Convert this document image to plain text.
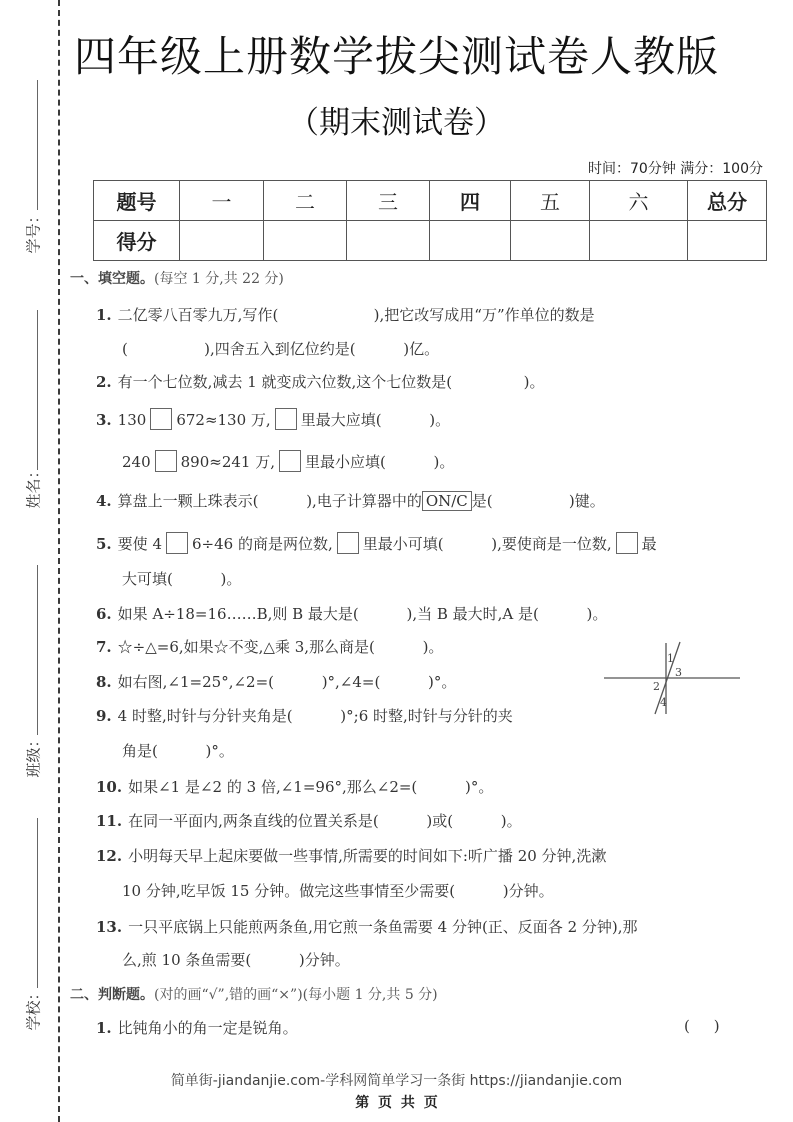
学号：
姓名：
班级：
学校：
四年级上册数学拔尖测试卷人教版
（期末测试卷）
时间：70分钟 满分：100分
题号	一	二	三	四	五	六	总分
得分							
一、填空题。(每空 1 分,共 22 分)
1. 二亿零八百零九万,写作(                    ),把它改写成用“万”作单位的数是
(                ),四舍五入到亿位约是(          )亿。
2. 有一个七位数,减去 1 就变成六位数,这个七位数是(               )。
3. 130 672≈130 万, 里最大应填(          )。
240 890≈241 万, 里最小应填(          )。
4. 算盘上一颗上珠表示(          ),电子计算器中的 ON/C 是(                )键。
5. 要使 4 6÷46 的商是两位数, 里最小可填(          ),要使商是一位数, 最
大可填(          )。
6. 如果 A÷18=16……B,则 B 最大是(          ),当 B 最大时,A 是(          )。
7. ☆÷△=6,如果☆不变,△乘 3,那么商是(          )。
8. 如右图,∠1=25°,∠2=(          )°,∠4=(          )°。
1
2
3
4
9. 4 时整,时针与分针夹角是(          )°;6 时整,时针与分针的夹
角是(          )°。
10. 如果∠1 是∠2 的 3 倍,∠1=96°,那么∠2=(          )°。
11. 在同一平面内,两条直线的位置关系是(          )或(          )。
12. 小明每天早上起床要做一些事情,所需要的时间如下:听广播 20 分钟,洗漱
10 分钟,吃早饭 15 分钟。做完这些事情至少需要(          )分钟。
13. 一只平底锅上只能煎两条鱼,用它煎一条鱼需要 4 分钟(正、反面各 2 分钟),那
么,煎 10 条鱼需要(          )分钟。
二、判断题。(对的画“√”,错的画“×”)(每小题 1 分,共 5 分)
1. 比钝角小的角一定是锐角。	(     )
简单街-jiandanjie.com-学科网简单学习一条街 https://jiandanjie.com
第 页 共 页
